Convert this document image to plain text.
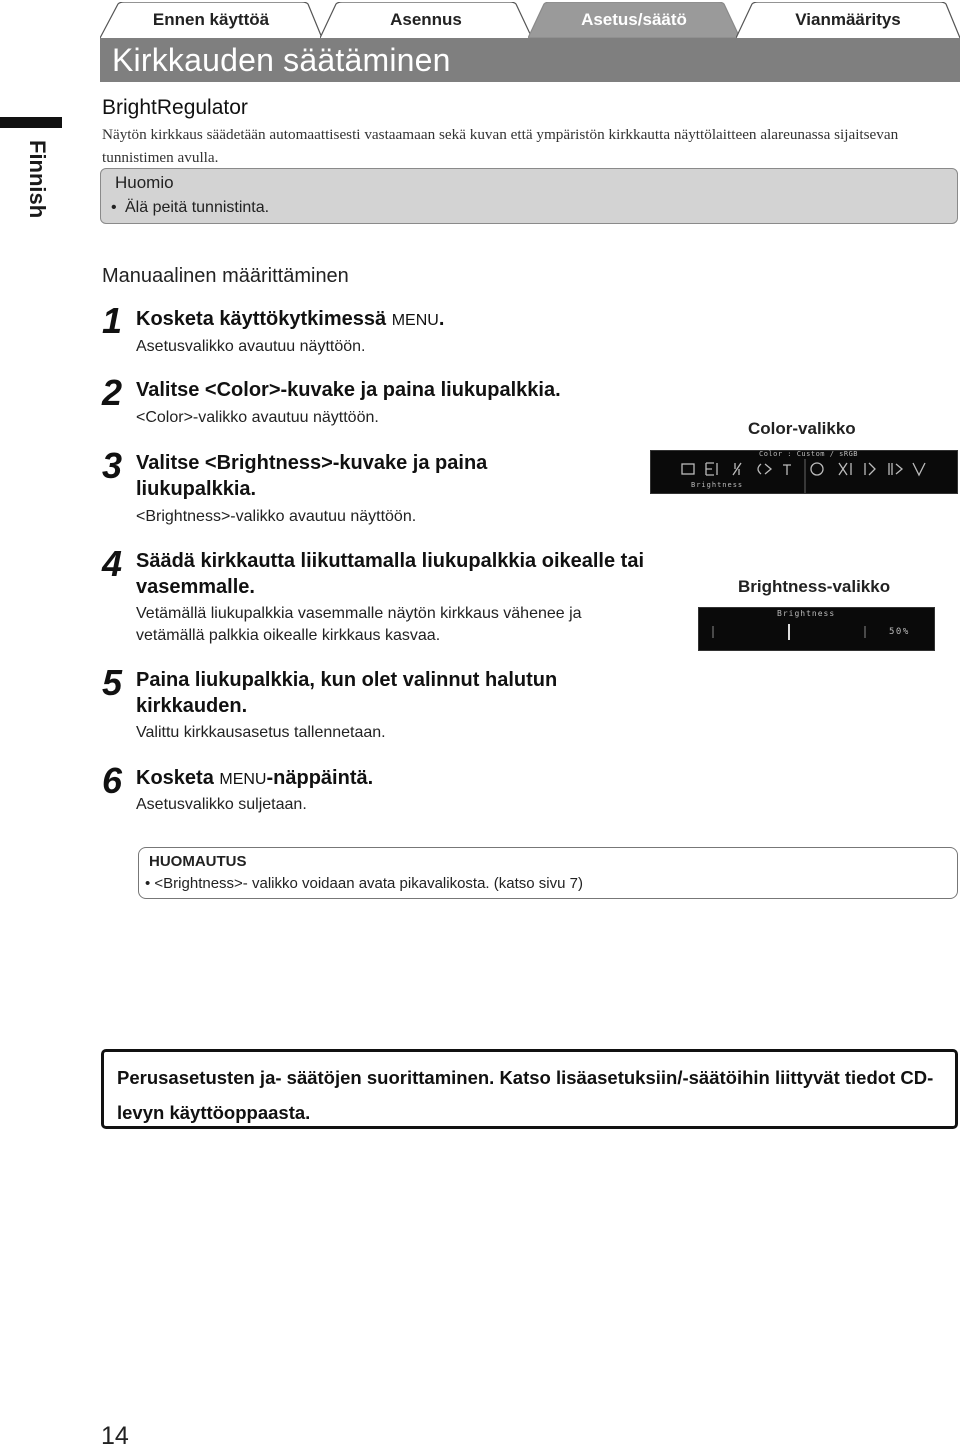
Ennen käyttöä	Asennus	Asetus/säätö	Vianmääritys
Kirkkauden säätäminen
Finnish
BrightRegulator
Näytön kirkkaus säädetään automaattisesti vastaamaan sekä kuvan että ympäristön kirkkautta näyttölaitteen alareunassa sijaitsevan tunnistimen avulla.
Huomio
• Älä peitä tunnistinta.
Manuaalinen määrittäminen
1 Kosketa käyttökytkimessä MENU.
Asetusvalikko avautuu näyttöön.
2 Valitse <Color>-kuvake ja paina liukupalkkia.
<Color>-valikko avautuu näyttöön.
3 Valitse <Brightness>-kuvake ja paina liukupalkkia.
<Brightness>-valikko avautuu näyttöön.
4 Säädä kirkkautta liikuttamalla liukupalkkia oikealle tai vasemmalle.
Vetämällä liukupalkkia vasemmalle näytön kirkkaus vähenee ja vetämällä palkkia oikealle kirkkaus kasvaa.
5 Paina liukupalkkia, kun olet valinnut halutun kirkkauden.
Valittu kirkkausasetus tallennetaan.
6 Kosketa MENU-näppäintä.
Asetusvalikko suljetaan.
Color-valikko
Color : Custom / sRGB
Brightness
Brightness-valikko
Brightness
50%
HUOMAUTUS
• <Brightness>- valikko voidaan avata pikavalikosta. (katso sivu 7)

Perusasetusten ja- säätöjen suorittaminen. Katso lisäasetuksiin/-säätöihin liittyvät tiedot CD-levyn käyttöoppaasta.

14
